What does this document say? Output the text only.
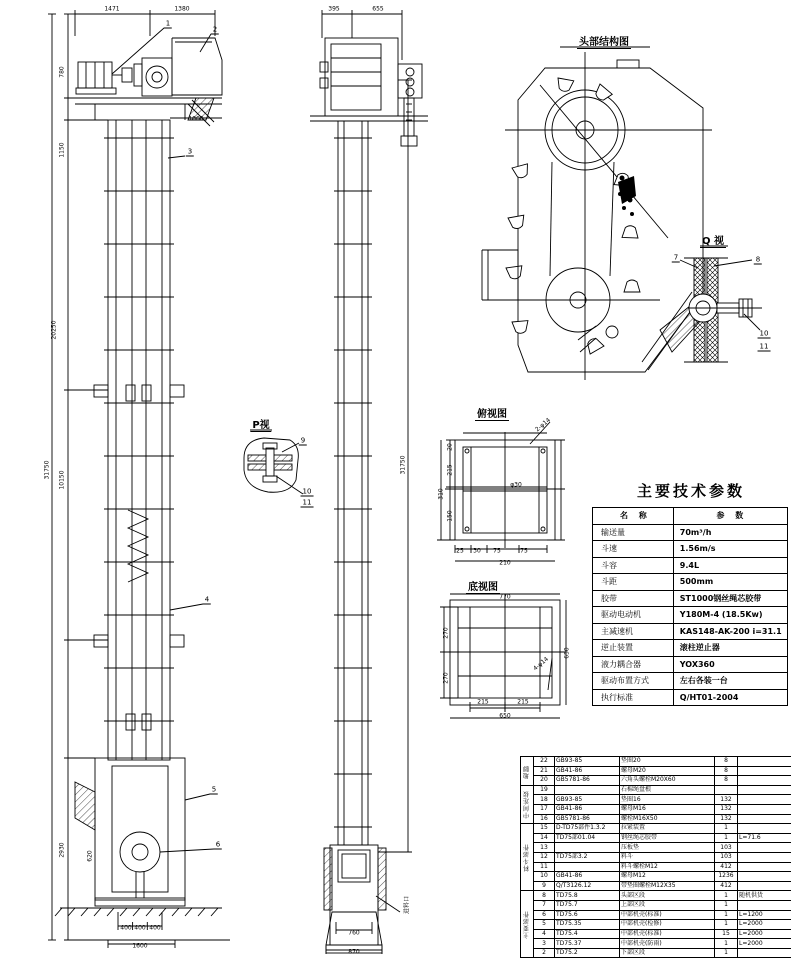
1471	1380
780
1150
20250
10150
2930
31750
1060
620
1
2
3
4
5
6
400 400 400
1600
395	655
31750
760
870
进料口
头部结构图
Q 视
7	8
10
11
P视
9
10
11
俯视图
2-φ14
20
215
150
310
φ30
25 30 75	75
210
底视图
770
270
270
650
215	215
650
4-φ14
主要技术参数
名 称	参 数
输送量	70m³/h
斗速	1.56m/s
斗容	9.4L
斗距	500mm
胶带	ST1000钢丝绳芯胶带
驱动电动机	Y180M-4 (18.5Kw)
主减速机	KAS148-AK-200 i=31.1
逆止装置	滚柱逆止器
液力耦合器	YOX360
驱动布置方式	左右各装一台
执行标准	Q/HT01-2004
地脚	22	GB93-85	垫圈20	8	
	21	GB41-86	螺母M20	8	
	20	GB5781-86	六角头螺栓M20X60	8	
中间连接	19		石棉绳盘根		
	18	GB93-85	垫圈16	132	
	17	GB41-86	螺母M16	132	
	16	GB5781-86	螺栓M16X50	132	
料斗部件	15	D-TD75部件1.3.2	拉紧装置	1	
	14	TD75部01.04	钢丝绳芯胶带	1	L=71.6
	13		压板垫	103	
	12	TD75部3.2	料斗	103	
	11		料斗螺栓M12	412	
	10	GB41-86	螺母M12	1236	
	9	Q/T3126.12	带垫圈螺栓M12X35	412	
主要部件	8	TD75.8	头部区段	1	随机供货
	7	TD75.7	上部区段	1	
	6	TD75.6	中部机壳(标准)	1	L=1200
	5	TD75.35	中部机壳(检修)	1	L=2000
	4	TD75.4	中部机壳(标准)	15	L=2000
	3	TD75.37	中部机壳(防雨)	1	L=2000
	2	TD75.2	下部区段	1	
